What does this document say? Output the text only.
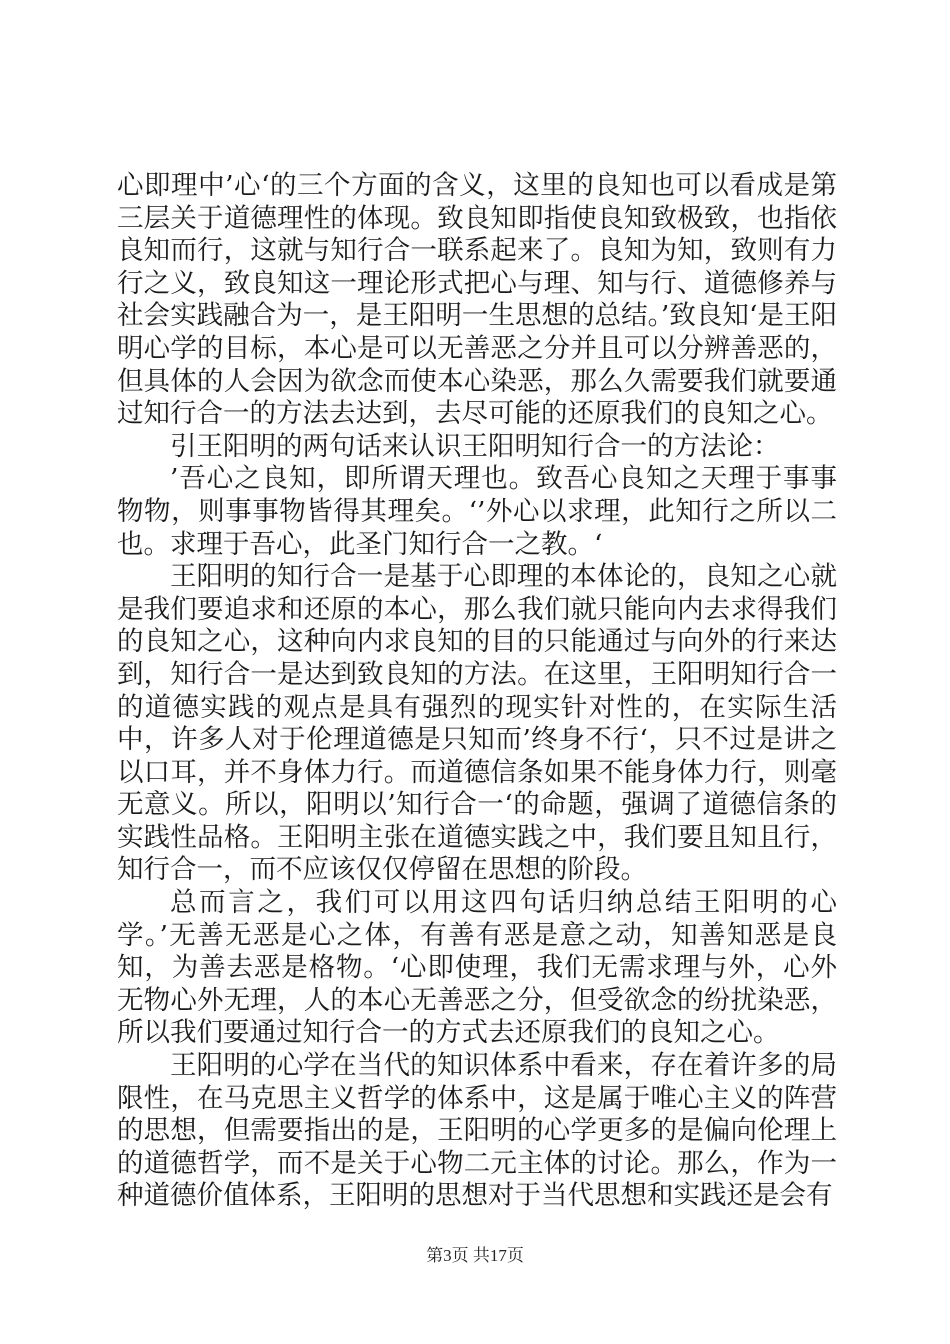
心即理中’心‘的三个方面的含义，这里的良知也可以看成是第三层关于道德理性的体现。致良知即指使良知致极致，也指依良知而行，这就与知行合一联系起来了。良知为知，致则有力行之义，致良知这一理论形式把心与理、知与行、道德修养与社会实践融合为一，是王阳明一生思想的总结。’致良知‘是王阳明心学的目标，本心是可以无善恶之分并且可以分辨善恶的，但具体的人会因为欲念而使本心染恶，那么久需要我们就要通过知行合一的方法去达到，去尽可能的还原我们的良知之心。

引王阳明的两句话来认识王阳明知行合一的方法论：

’吾心之良知，即所谓天理也。致吾心良知之天理于事事物物，则事事物皆得其理矣。‘’外心以求理，此知行之所以二也。求理于吾心，此圣门知行合一之教。‘

王阳明的知行合一是基于心即理的本体论的，良知之心就是我们要追求和还原的本心，那么我们就只能向内去求得我们的良知之心，这种向内求良知的目的只能通过与向外的行来达到，知行合一是达到致良知的方法。在这里，王阳明知行合一的道德实践的观点是具有强烈的现实针对性的，在实际生活中，许多人对于伦理道德是只知而’终身不行‘，只不过是讲之以口耳，并不身体力行。而道德信条如果不能身体力行，则毫无意义。所以，阳明以’知行合一‘的命题，强调了道德信条的实践性品格。王阳明主张在道德实践之中，我们要且知且行，知行合一，而不应该仅仅停留在思想的阶段。

总而言之，我们可以用这四句话归纳总结王阳明的心学。’无善无恶是心之体，有善有恶是意之动，知善知恶是良知，为善去恶是格物。‘心即使理，我们无需求理与外，心外无物心外无理，人的本心无善恶之分，但受欲念的纷扰染恶，所以我们要通过知行合一的方式去还原我们的良知之心。

王阳明的心学在当代的知识体系中看来，存在着许多的局限性，在马克思主义哲学的体系中，这是属于唯心主义的阵营的思想，但需要指出的是，王阳明的心学更多的是偏向伦理上的道德哲学，而不是关于心物二元主体的讨论。那么，作为一种道德价值体系，王阳明的思想对于当代思想和实践还是会有

第3页 共17页
